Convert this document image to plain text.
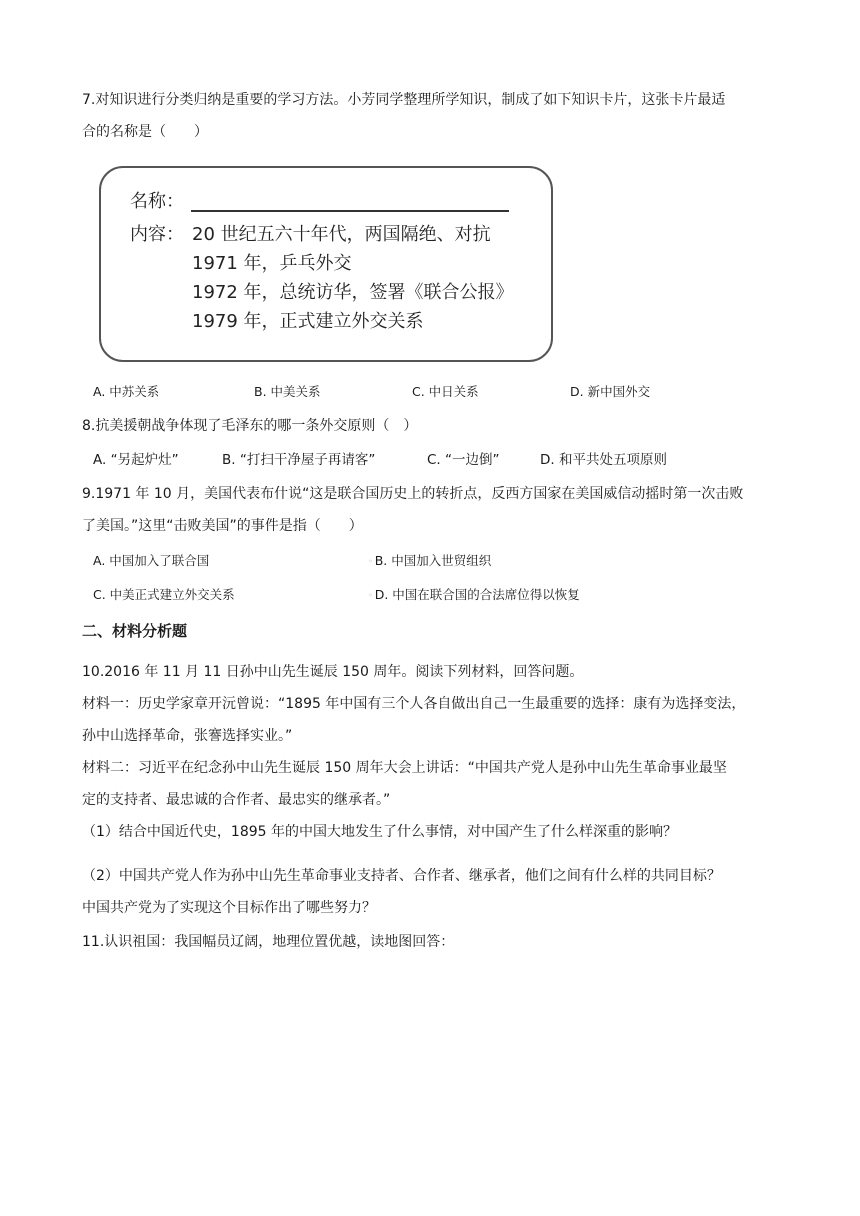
7.对知识进行分类归纳是重要的学习方法。小芳同学整理所学知识，制成了如下知识卡片，这张卡片最适
合的名称是（　　）
名称：
内容： 20 世纪五六十年代，两国隔绝、对抗
1971 年，乒乓外交
1972 年，总统访华，签署《联合公报》
1979 年，正式建立外交关系
A. 中苏关系	B. 中美关系	C. 中日关系	D. 新中国外交
8.抗美援朝战争体现了毛泽东的哪一条外交原则（　）
A. “另起炉灶”	B. “打扫干净屋子再请客”	C. “一边倒”	D. 和平共处五项原则
9.1971 年 10 月，美国代表布什说“这是联合国历史上的转折点，反西方国家在美国威信动摇时第一次击败
了美国。”这里“击败美国”的事件是指（　　）
A. 中国加入了联合国	◦ B. 中国加入世贸组织
C. 中美正式建立外交关系	◦ D. 中国在联合国的合法席位得以恢复
二、材料分析题
10.2016 年 11 月 11 日孙中山先生诞辰 150 周年。阅读下列材料，回答问题。
材料一：历史学家章开沅曾说：“1895 年中国有三个人各自做出自己一生最重要的选择：康有为选择变法，
孙中山选择革命，张謇选择实业。”
材料二：习近平在纪念孙中山先生诞辰 150 周年大会上讲话：“中国共产党人是孙中山先生革命事业最坚
定的支持者、最忠诚的合作者、最忠实的继承者。”
（1）结合中国近代史，1895 年的中国大地发生了什么事情，对中国产生了什么样深重的影响？
（2）中国共产党人作为孙中山先生革命事业支持者、合作者、继承者，他们之间有什么样的共同目标？
中国共产党为了实现这个目标作出了哪些努力？
11.认识祖国：我国幅员辽阔，地理位置优越，读地图回答：
